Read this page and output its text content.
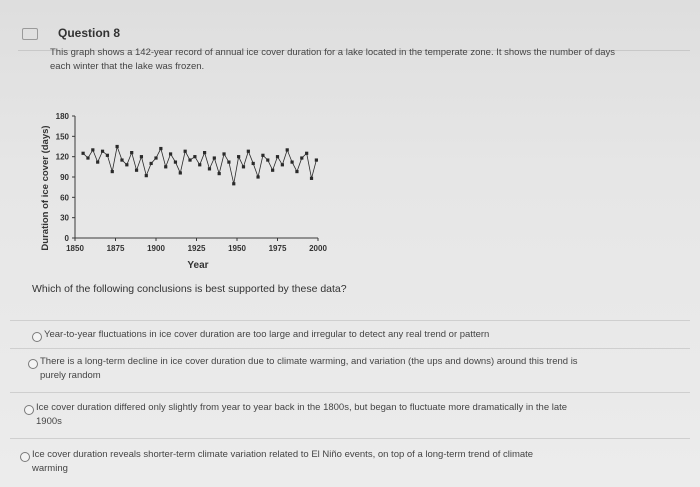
Question 8
This graph shows a 142-year record of annual ice cover duration for a lake located in the temperate zone. It shows the number of days each winter that the lake was frozen.
Duration of ice cover (days)
Year
0
30
60
90
120
150
180
1850	1875	1900	1925	1950	1975	2000
Which of the following conclusions is best supported by these data?
Year-to-year fluctuations in ice cover duration are too large and irregular to detect any real trend or pattern
There is a long-term decline in ice cover duration due to climate warming, and variation (the ups and downs) around this trend is
purely random
Ice cover duration differed only slightly from year to year back in the 1800s, but began to fluctuate more dramatically in the late
1900s
Ice cover duration reveals shorter-term climate variation related to El Niño events, on top of a long-term trend of climate
warming
